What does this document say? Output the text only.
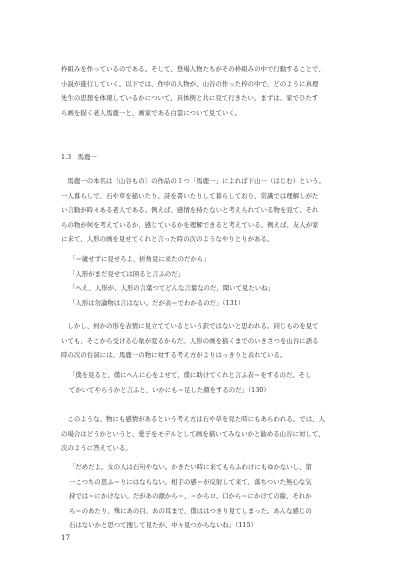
枠組みを作っているのである。そして、登場人物たちがその枠組みの中で行動することで、
小説が進行していく。以下では、作中の人物が、山谷の作った枠の中で、どのように真理
先生の思想を体現しているかについて、具体例と共に見て行きたい。まずは、家でひたす
ら画を描く老人馬鹿一と、画家である白雲について見ていく。

1.3　馬鹿一

馬鹿一の本名は〔山谷もの〕の作品の１つ「馬鹿一」によれば下山一（はじむ）という。
一人暮らしで、石や草を描いたり、詩を書いたりして暮らしており、常識では理解しがた
い言動が時々ある老人である。例えば、感情を持たないと考えられている物を見て、それ
らの物が何を考えているか、感じているかを理解できると考えている。例えば、友人が家
に来て、人形の画を見せてくれと言った時の次のようなやりとりがある。

「＝歳せずに見せろよ、折角見に来たのだから」
「人形がまだ見せては困ると言ふのだ」
「へえ、人形が、人形の言葉つてどんな言葉なのだ、聞いて見たいね」
「人形は勿論物は言はない。だが表＝でわかるのだ」（131）

しかし、何かの形を表情に見立てているという訳ではないと思われる。同じものを見て
いても、そこから受ける心象が変るからだ。人形の画を描くまでのいきさつを山谷に語る
時の次の台詞には、馬鹿一の物に対する考え方がよりはっきりと表れている。

「僕を見ると、僕にへんに心をよせて、僕に助けてくれと言ふ表＝をするのだ。そし
てかいてやらうかと言ふと、いかにも＝足した顔をするのだ」（130）

このような、物にも感情があるという考え方は石や草を見た時にもあらわれる。では、人
の場合はどうかというと、愛子をモデルとして画を描いてみないかと勧める山谷に対して、
次のように答えている。

「だめだよ。女の人は石句やない。かきたい時に来てもらふわけにもゆかないし、第
一こつちの思ふ＝りにはならない。相手の感＝が反射して来て、落ちついた無心な気
持では＝にかけない。だがあの顔から＝、＝からロ、口から＝にかけての線、それか
ら＝のあたり、殊にあの目、あの耳まで、僕ははつきり見てしまった。あんな感じの
石はないかと思つて捜して見たが、中々見つからないね」（115）

17
